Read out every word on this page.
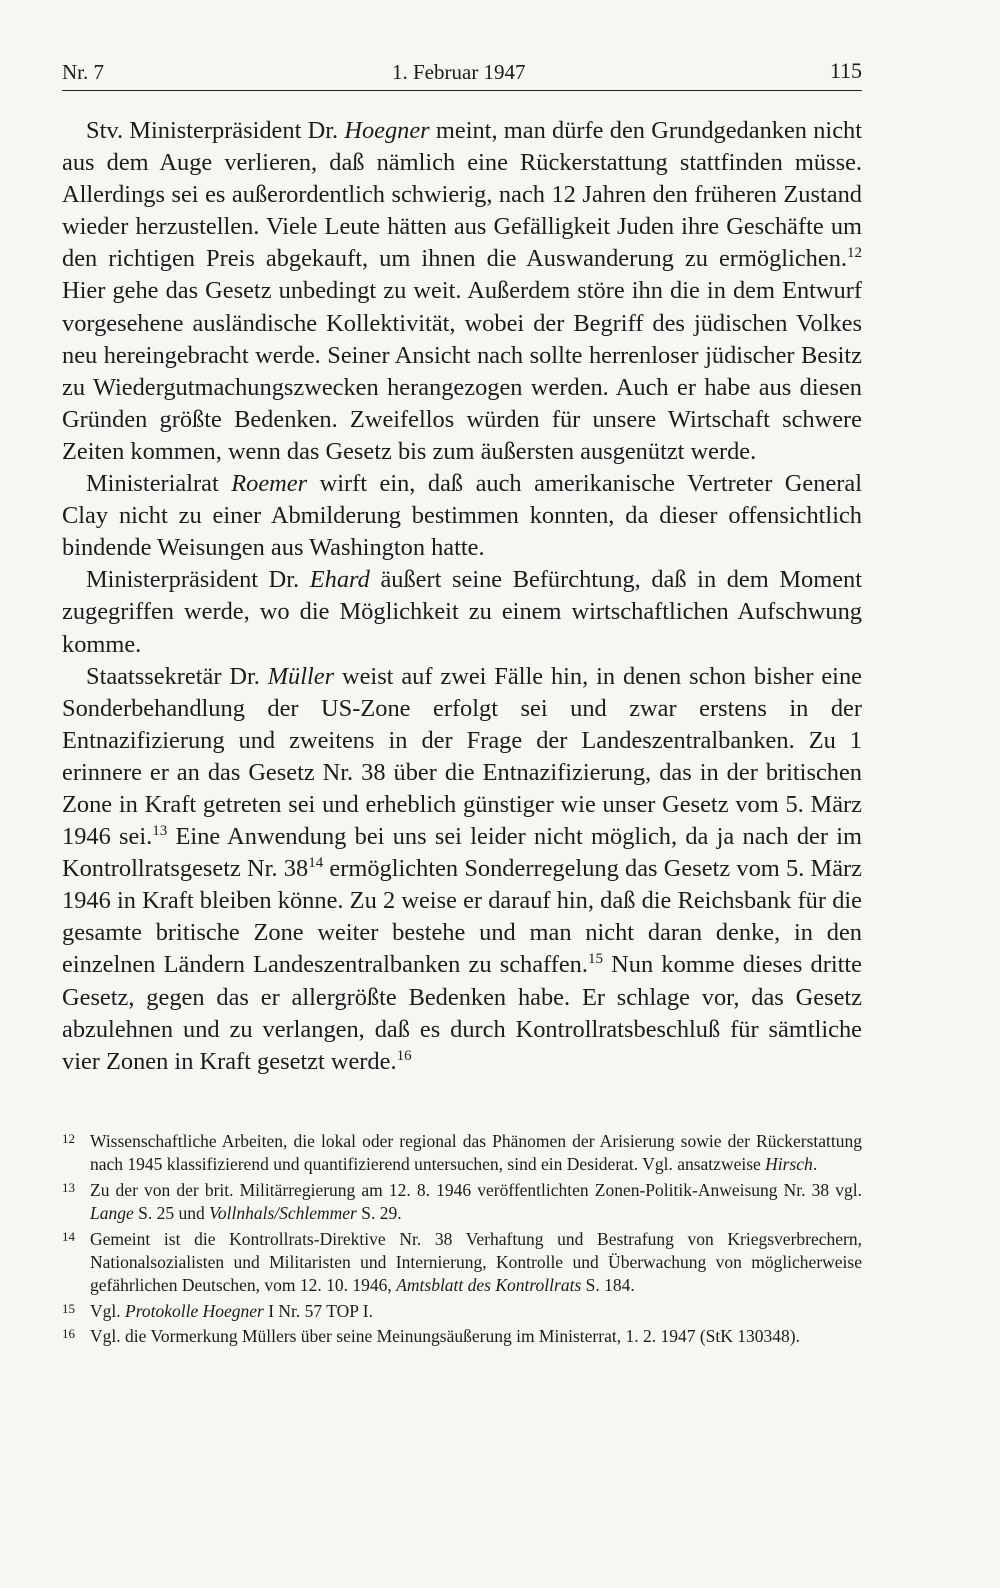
Nr. 7	1. Februar 1947	115

Stv. Ministerpräsident Dr. Hoegner meint, man dürfe den Grundgedanken nicht aus dem Auge verlieren, daß nämlich eine Rückerstattung stattfinden müsse. Allerdings sei es außerordentlich schwierig, nach 12 Jahren den früheren Zustand wieder herzustellen. Viele Leute hätten aus Gefälligkeit Juden ihre Geschäfte um den richtigen Preis abgekauft, um ihnen die Auswanderung zu ermöglichen.$^{12}$ Hier gehe das Gesetz unbedingt zu weit. Außerdem störe ihn die in dem Entwurf vorgesehene ausländische Kollektivität, wobei der Begriff des jüdischen Volkes neu hereingebracht werde. Seiner Ansicht nach sollte herrenloser jüdischer Besitz zu Wiedergutmachungszwecken herangezogen werden. Auch er habe aus diesen Gründen größte Bedenken. Zweifellos würden für unsere Wirtschaft schwere Zeiten kommen, wenn das Gesetz bis zum äußersten ausgenützt werde.

Ministerialrat Roemer wirft ein, daß auch amerikanische Vertreter General Clay nicht zu einer Abmilderung bestimmen konnten, da dieser offensichtlich bindende Weisungen aus Washington hatte.

Ministerpräsident Dr. Ehard äußert seine Befürchtung, daß in dem Moment zugegriffen werde, wo die Möglichkeit zu einem wirtschaftlichen Aufschwung komme.

Staatssekretär Dr. Müller weist auf zwei Fälle hin, in denen schon bisher eine Sonderbehandlung der US-Zone erfolgt sei und zwar erstens in der Entnazifizierung und zweitens in der Frage der Landeszentralbanken. Zu 1 erinnere er an das Gesetz Nr. 38 über die Entnazifizierung, das in der britischen Zone in Kraft getreten sei und erheblich günstiger wie unser Gesetz vom 5. März 1946 sei.$^{13}$ Eine Anwendung bei uns sei leider nicht möglich, da ja nach der im Kontrollratsgesetz Nr. $38^{14}$ ermöglichten Sonderregelung das Gesetz vom 5. März 1946 in Kraft bleiben könne. Zu 2 weise er darauf hin, daß die Reichsbank für die gesamte britische Zone weiter bestehe und man nicht daran denke, in den einzelnen Ländern Landeszentralbanken zu schaffen.$^{15}$ Nun komme dieses dritte Gesetz, gegen das er allergrößte Bedenken habe. Er schlage vor, das Gesetz abzulehnen und zu verlangen, daß es durch Kontrollratsbeschluß für sämtliche vier Zonen in Kraft gesetzt werde.$^{16}$

12 Wissenschaftliche Arbeiten, die lokal oder regional das Phänomen der Arisierung sowie der Rückerstattung nach 1945 klassifizierend und quantifizierend untersuchen, sind ein Desiderat. Vgl. ansatzweise Hirsch.
13 Zu der von der brit. Militärregierung am 12. 8. 1946 veröffentlichten Zonen-Politik-Anweisung Nr. 38 vgl. Lange S. 25 und Vollnhals/Schlemmer S. 29.
14 Gemeint ist die Kontrollrats-Direktive Nr. 38 Verhaftung und Bestrafung von Kriegsverbrechern, Nationalsozialisten und Militaristen und Internierung, Kontrolle und Überwachung von möglicherweise gefährlichen Deutschen, vom 12. 10. 1946, Amtsblatt des Kontrollrats S. 184.
15 Vgl. Protokolle Hoegner I Nr. 57 TOP I.
16 Vgl. die Vormerkung Müllers über seine Meinungsäußerung im Ministerrat, 1. 2. 1947 (StK 130348).
